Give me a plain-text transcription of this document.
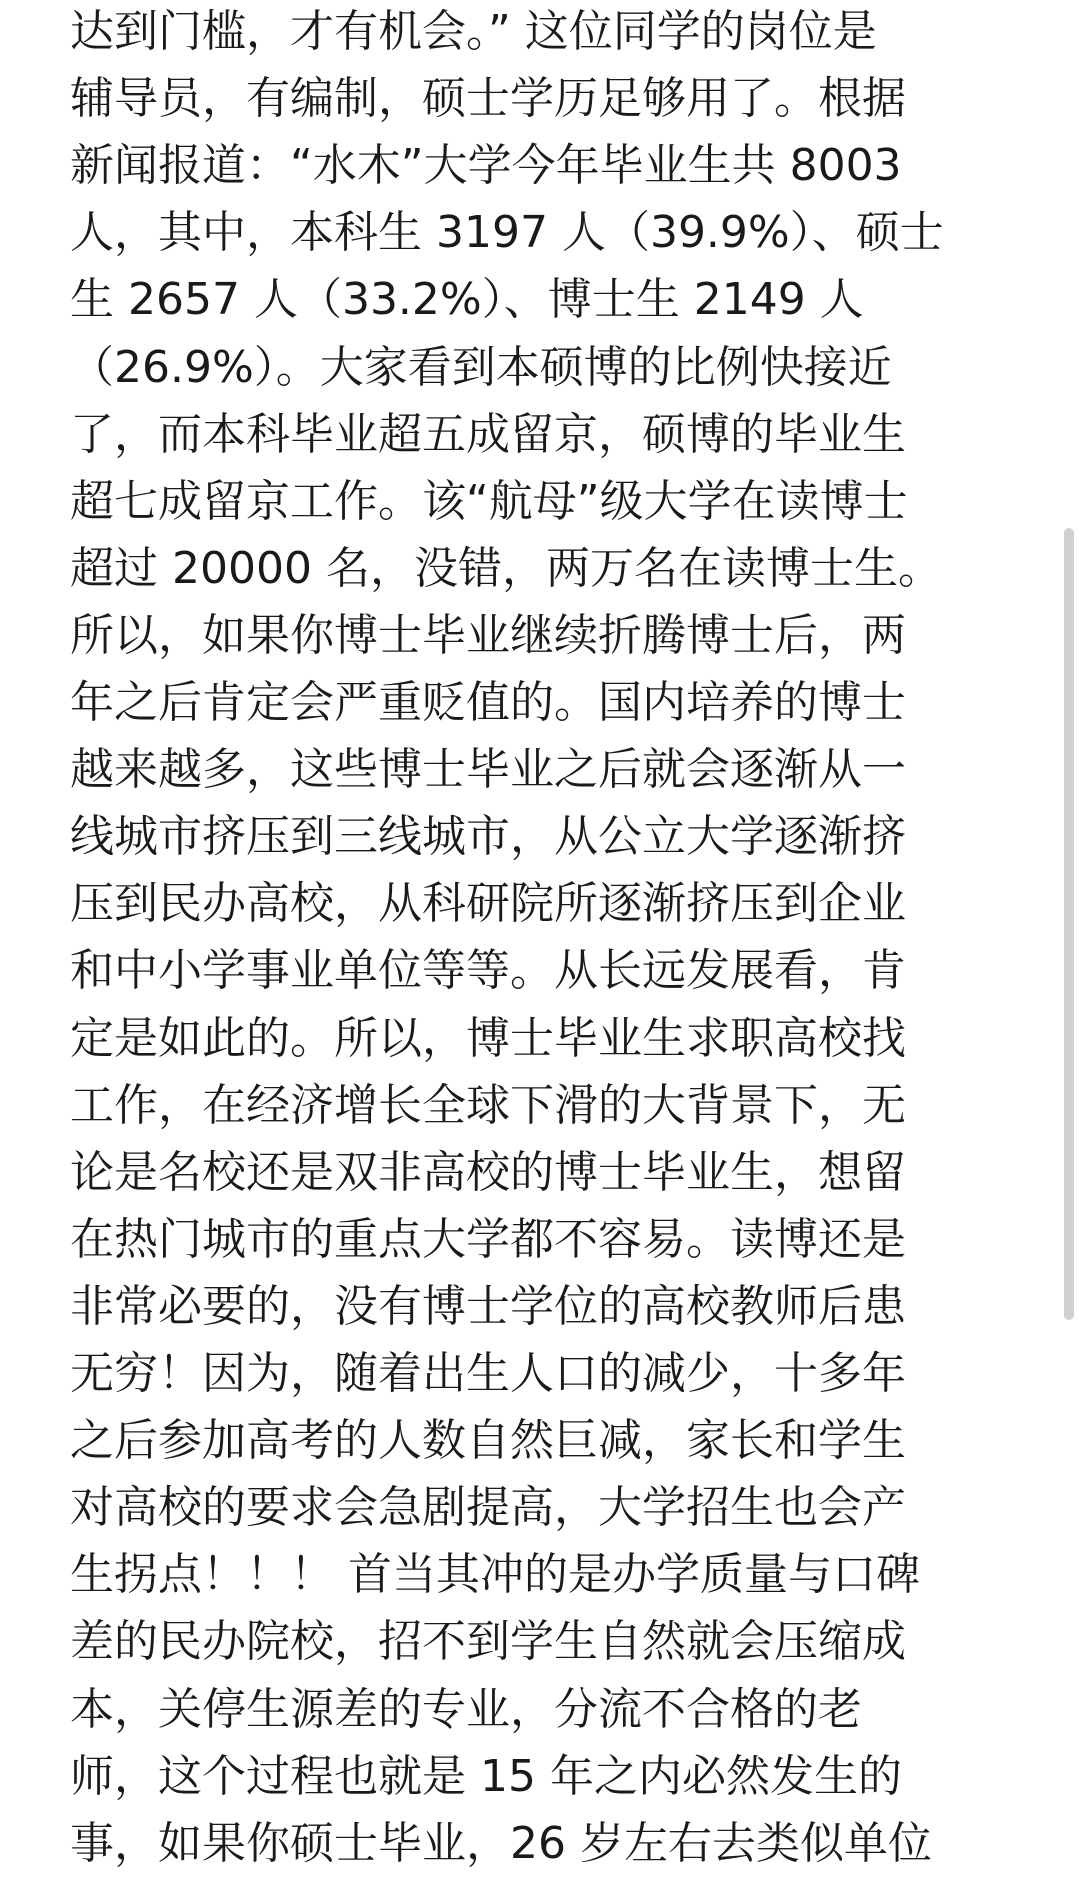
达到门槛，才有机会。” 这位同学的岗位是
辅导员，有编制，硕士学历足够用了。根据
新闻报道：“水木”大学今年毕业生共 8003
人，其中，本科生 3197 人（39.9%）、硕士
生 2657 人（33.2%）、博士生 2149 人
（26.9%）。大家看到本硕博的比例快接近
了，而本科毕业超五成留京，硕博的毕业生
超七成留京工作。该“航母”级大学在读博士
超过 20000 名，没错，两万名在读博士生。
所以，如果你博士毕业继续折腾博士后，两
年之后肯定会严重贬值的。国内培养的博士
越来越多，这些博士毕业之后就会逐渐从一
线城市挤压到三线城市，从公立大学逐渐挤
压到民办高校，从科研院所逐渐挤压到企业
和中小学事业单位等等。从长远发展看，肯
定是如此的。所以，博士毕业生求职高校找
工作，在经济增长全球下滑的大背景下，无
论是名校还是双非高校的博士毕业生，想留
在热门城市的重点大学都不容易。读博还是
非常必要的，没有博士学位的高校教师后患
无穷！因为，随着出生人口的减少，十多年
之后参加高考的人数自然巨减，家长和学生
对高校的要求会急剧提高，大学招生也会产
生拐点！！！ 首当其冲的是办学质量与口碑
差的民办院校，招不到学生自然就会压缩成
本，关停生源差的专业，分流不合格的老
师，这个过程也就是 15 年之内必然发生的
事，如果你硕士毕业，26 岁左右去类似单位
